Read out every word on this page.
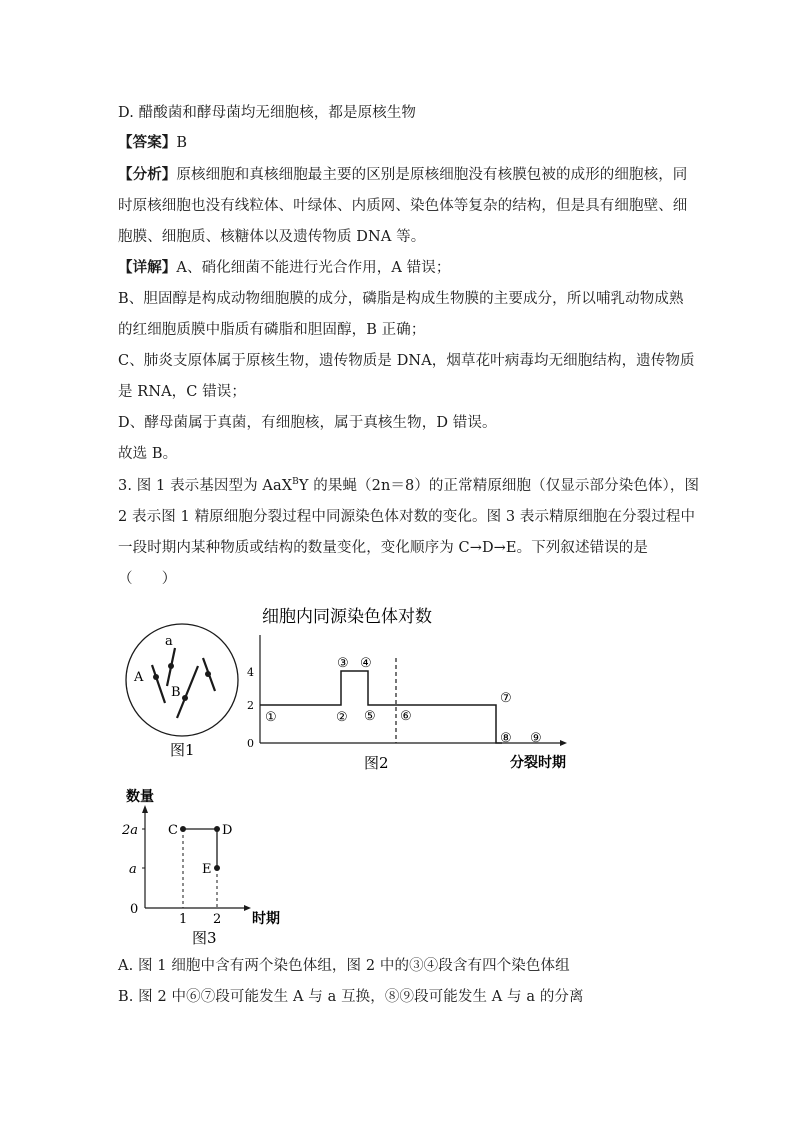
D. 醋酸菌和酵母菌均无细胞核，都是原核生物
【答案】B
【分析】原核细胞和真核细胞最主要的区别是原核细胞没有核膜包被的成形的细胞核，同
时原核细胞也没有线粒体、叶绿体、内质网、染色体等复杂的结构，但是具有细胞壁、细
胞膜、细胞质、核糖体以及遗传物质 DNA 等。
【详解】A、硝化细菌不能进行光合作用，A 错误；
B、胆固醇是构成动物细胞膜的成分，磷脂是构成生物膜的主要成分，所以哺乳动物成熟
的红细胞质膜中脂质有磷脂和胆固醇，B 正确；
C、肺炎支原体属于原核生物，遗传物质是 DNA，烟草花叶病毒均无细胞结构，遗传物质
是 RNA，C 错误；
D、酵母菌属于真菌，有细胞核，属于真核生物，D 错误。
故选 B。
3. 图 1 表示基因型为 AaX$^B$Y 的果蝇（2n＝8）的正常精原细胞（仅显示部分染色体），图
2 表示图 1 精原细胞分裂过程中同源染色体对数的变化。图 3 表示精原细胞在分裂过程中
一段时期内某种物质或结构的数量变化，变化顺序为 C→D→E。下列叙述错误的是
（　　）
A
a
B
图1
细胞内同源染色体对数
4
2
0
①	②
③ ④
⑤ ⑥
⑦
⑧ ⑨
图2	分裂时期
数量
2a
a
0
C	D
E
1 2 时期
图3
A. 图 1 细胞中含有两个染色体组，图 2 中的③④段含有四个染色体组
B. 图 2 中⑥⑦段可能发生 A 与 a 互换，⑧⑨段可能发生 A 与 a 的分离
